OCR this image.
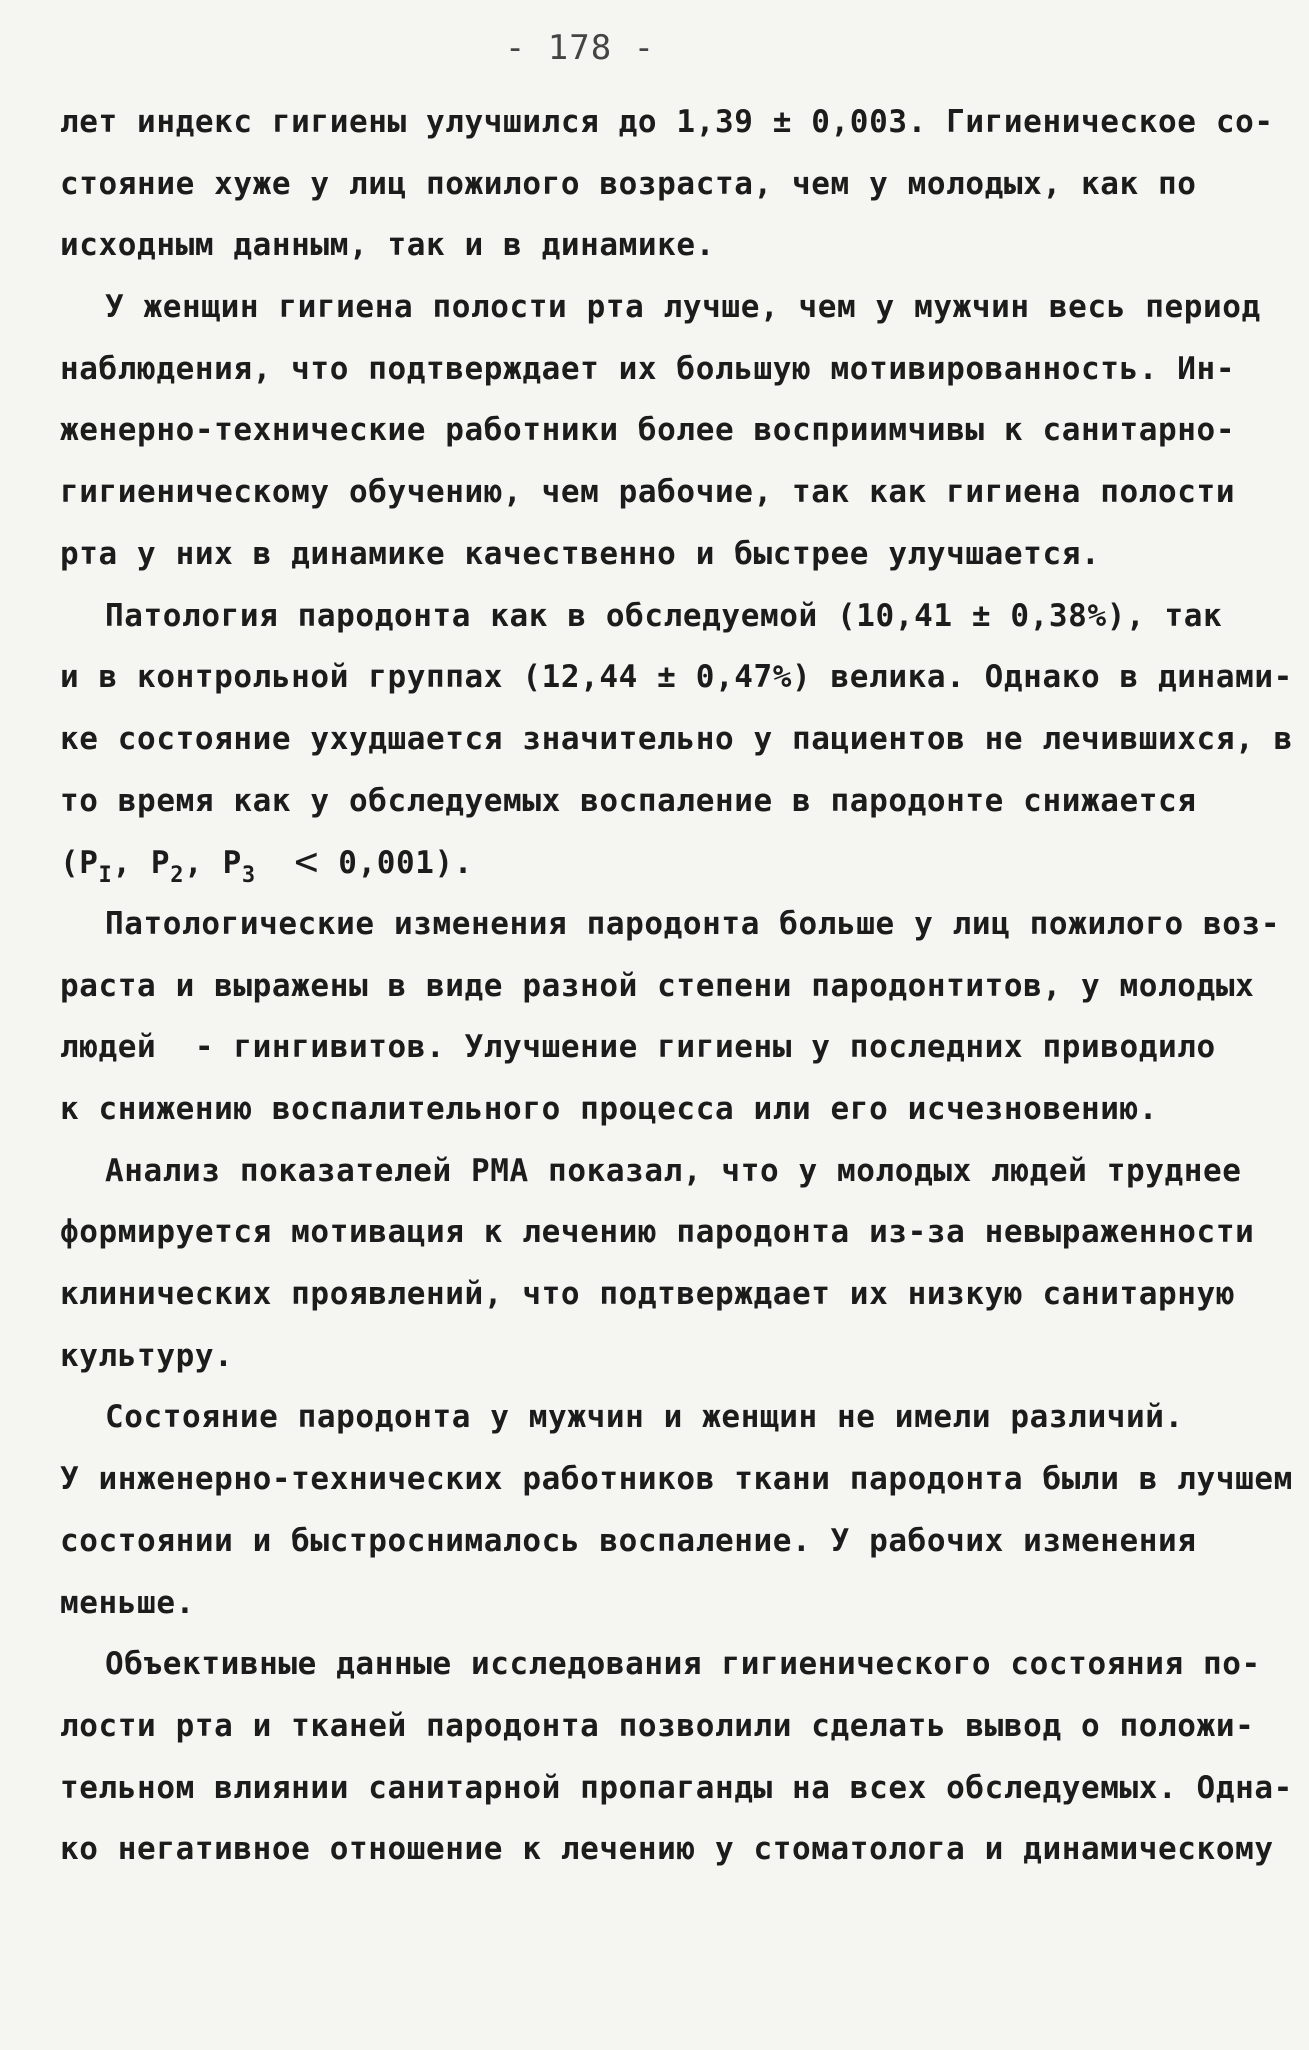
- 178 -
лет индекс гигиены улучшился до 1,39 ± 0,003. Гигиеническое со-
стояние хуже у лиц пожилого возраста, чем у молодых, как по
исходным данным, так и в динамике.
У женщин гигиена полости рта лучше, чем у мужчин весь период
наблюдения, что подтверждает их большую мотивированность. Ин-
женерно-технические работники более восприимчивы к санитарно-
гигиеническому обучению, чем рабочие, так как гигиена полости
рта у них в динамике качественно и быстрее улучшается.
Патология пародонта как в обследуемой (10,41 ± 0,38%), так
и в контрольной группах (12,44 ± 0,47%) велика. Однако в динами-
ке состояние ухудшается значительно у пациентов не лечившихся, в
то время как у обследуемых воспаление в пародонте снижается
($P_I$, $P_2$, $P_3 < 0,001$).
Патологические изменения пародонта больше у лиц пожилого воз-
раста и выражены в виде разной степени пародонтитов, у молодых
людей  - гингивитов. Улучшение гигиены у последних приводило
к снижению воспалительного процесса или его исчезновению.
Анализ показателей РМА показал, что у молодых людей труднее
формируется мотивация к лечению пародонта из-за невыраженности
клинических проявлений, что подтверждает их низкую санитарную
культуру.
Состояние пародонта у мужчин и женщин не имели различий.
У инженерно-технических работников ткани пародонта были в лучшем
состоянии и быстроснималось воспаление. У рабочих изменения
меньше.
Объективные данные исследования гигиенического состояния по-
лости рта и тканей пародонта позволили сделать вывод о положи-
тельном влиянии санитарной пропаганды на всех обследуемых. Одна-
ко негативное отношение к лечению у стоматолога и динамическому
